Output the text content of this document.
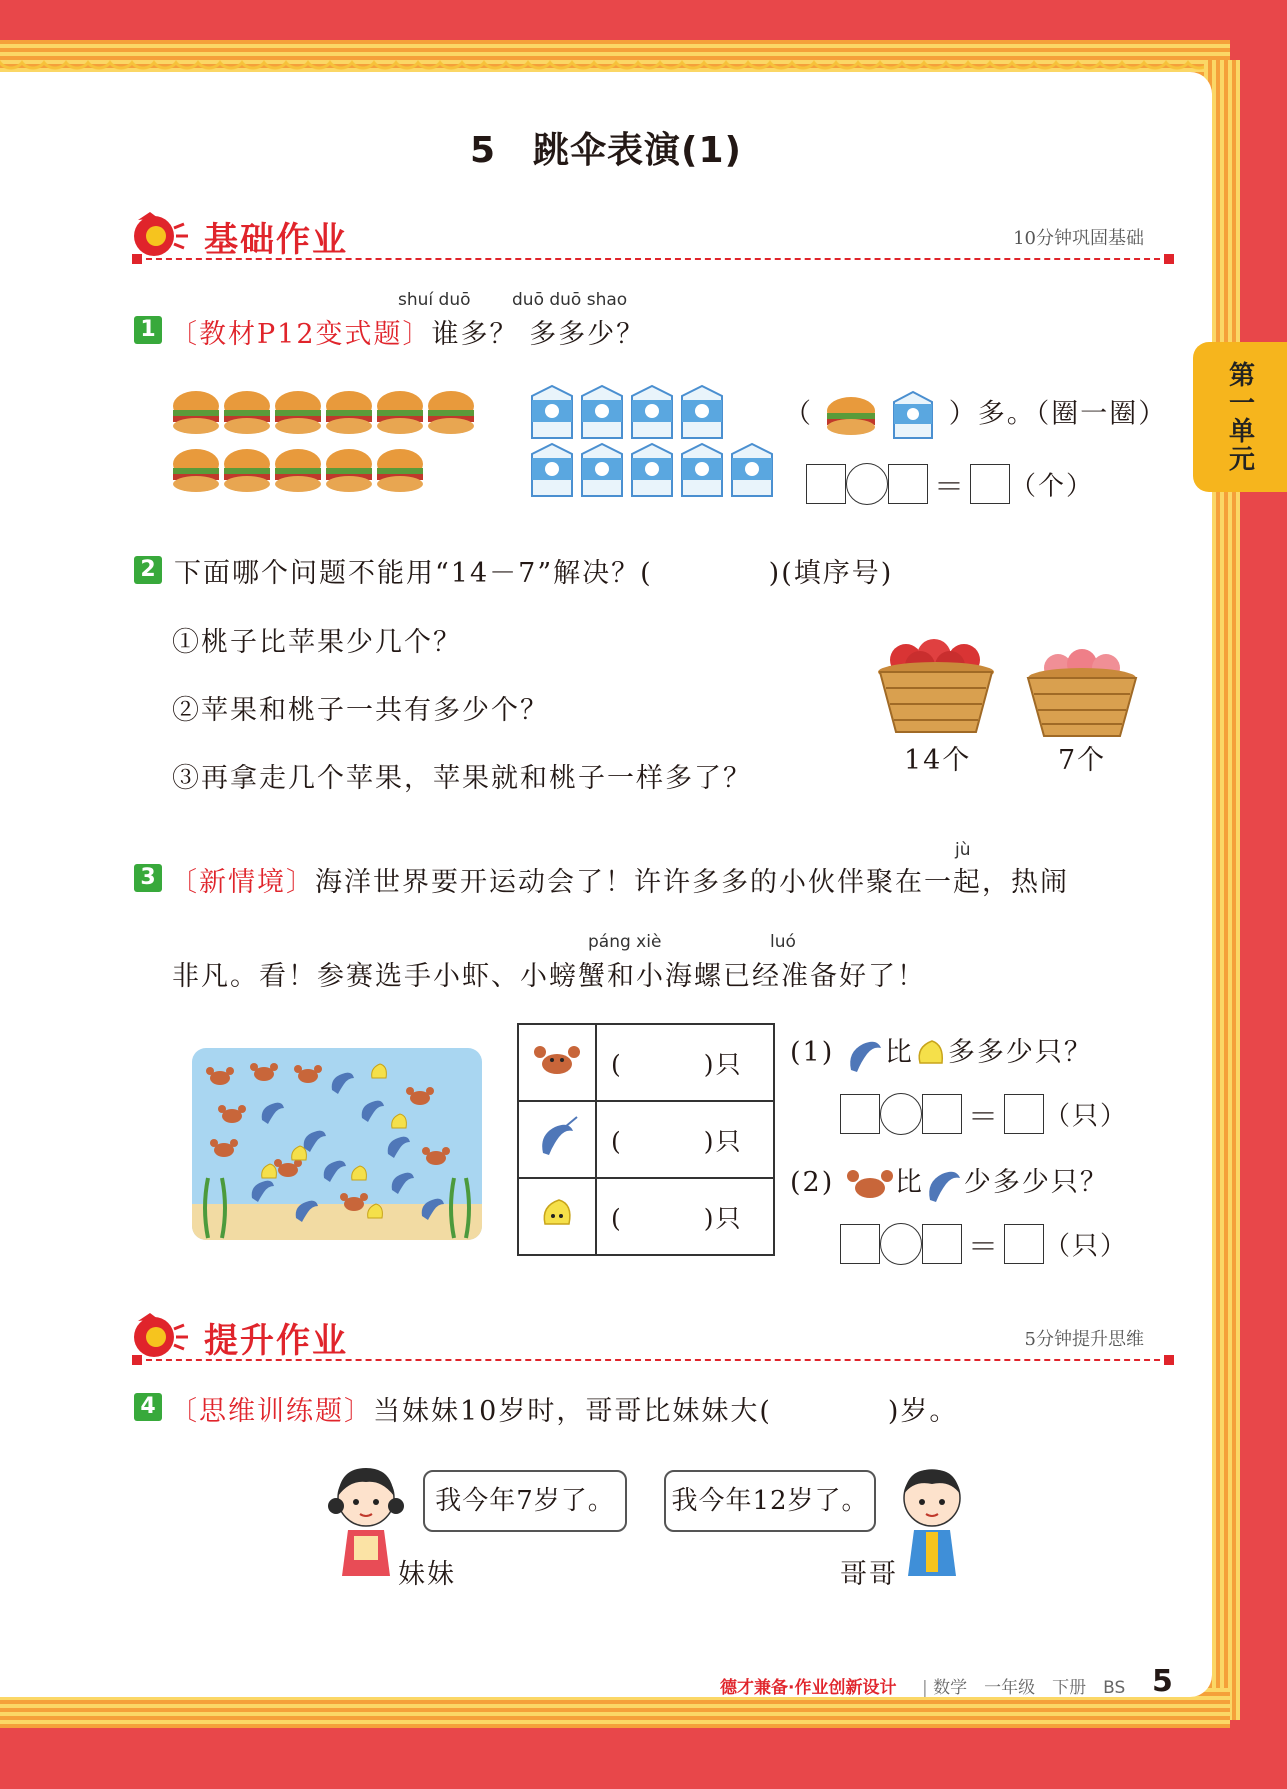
第一单元
5　跳伞表演(1)
基础作业	10分钟巩固基础
shuí duō duō duō shao
1 〔教材P12变式题〕谁多？ 多多少？
（	）多。（圈一圈）
＝ （个）
2 下面哪个问题不能用“14－7”解决？(　　　　)(填序号)
①桃子比苹果少几个？
②苹果和桃子一共有多少个？
③再拿走几个苹果，苹果就和桃子一样多了？
14个	7个
jù
3 〔新情境〕海洋世界要开运动会了！许许多多的小伙伴聚在一起，热闹
páng xiè	luó
非凡。看！参赛选手小虾、小螃蟹和小海螺已经准备好了！
	(　　　)只
	(　　　)只
	(　　　)只
(1) 比 多多少只？
＝ （只）
(2) 比 少多少只？
＝ （只）
提升作业	5分钟提升思维
4 〔思维训练题〕当妹妹10岁时，哥哥比妹妹大(　　　　)岁。
我今年7岁了。
妹妹
我今年12岁了。
哥哥
德才兼备·作业创新设计 | 数学　一年级　下册　BS 5
